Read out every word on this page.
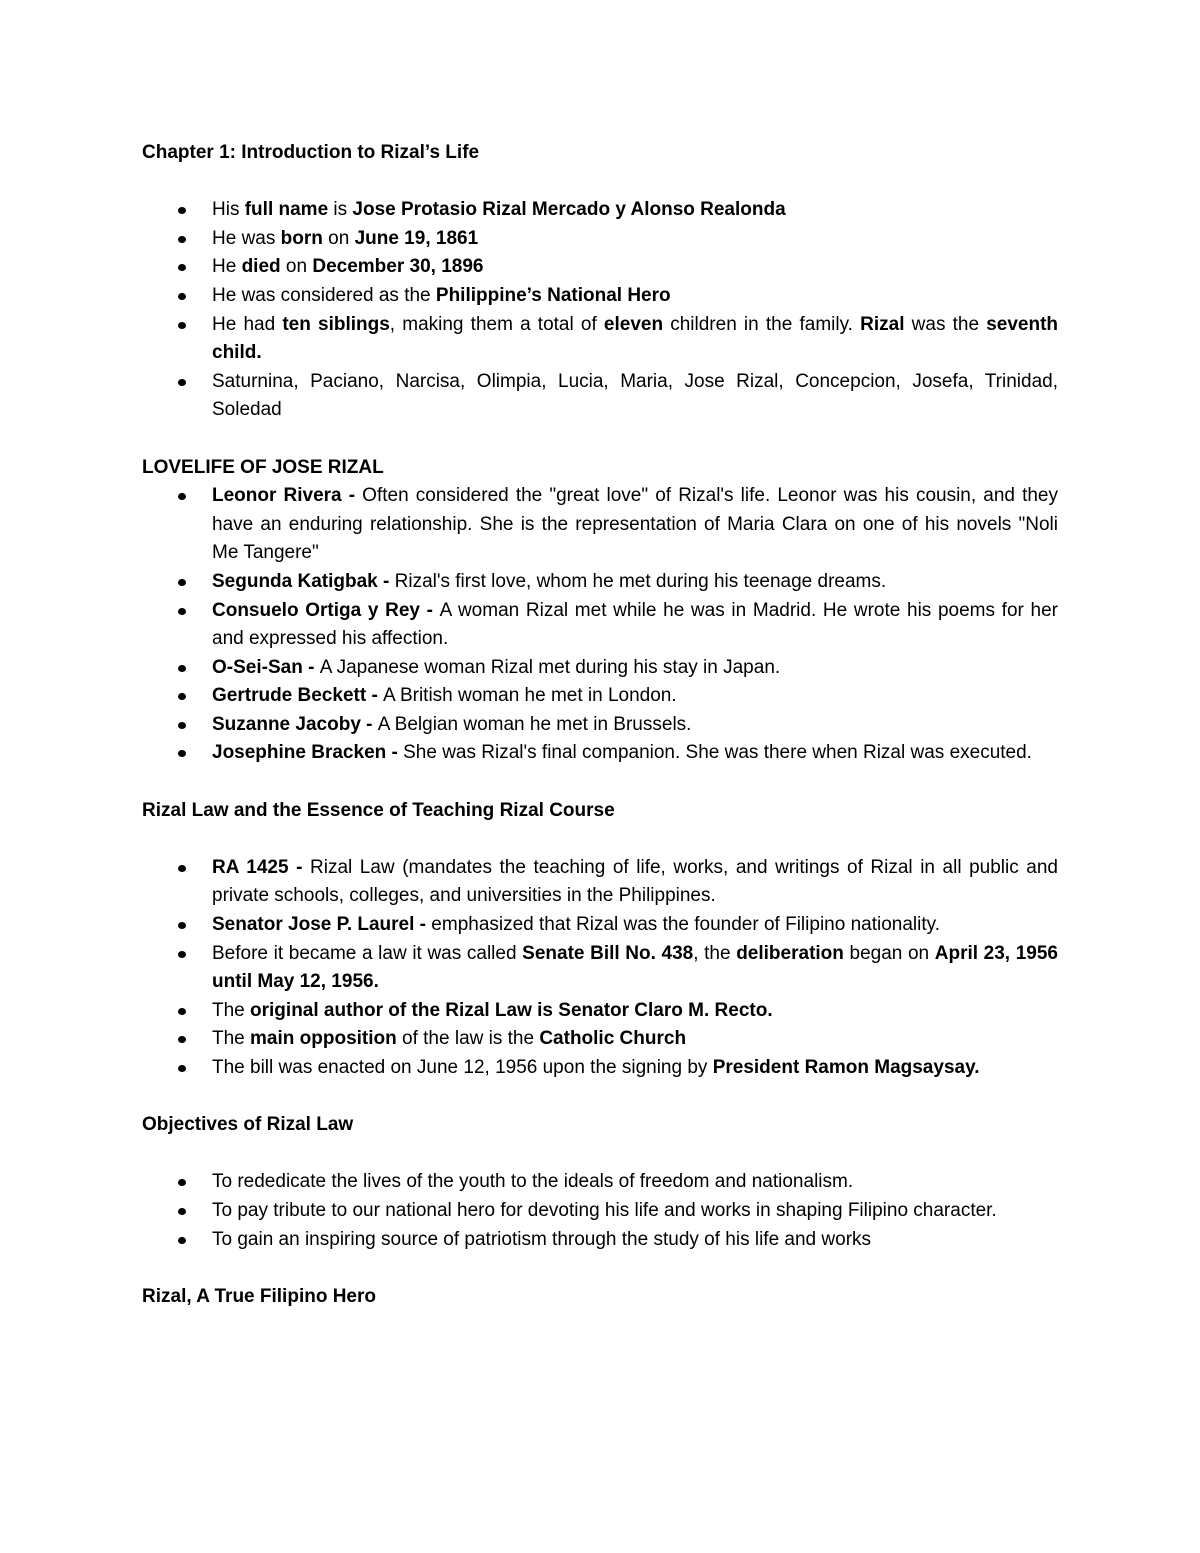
Chapter 1: Introduction to Rizal’s Life
His full name is Jose Protasio Rizal Mercado y Alonso Realonda
He was born on June 19, 1861
He died on December 30, 1896
He was considered as the Philippine’s National Hero
He had ten siblings, making them a total of eleven children in the family. Rizal was the seventh child.
Saturnina, Paciano, Narcisa, Olimpia, Lucia, Maria, Jose Rizal, Concepcion, Josefa, Trinidad, Soledad
LOVELIFE OF JOSE RIZAL
Leonor Rivera - Often considered the "great love" of Rizal's life. Leonor was his cousin, and they have an enduring relationship. She is the representation of Maria Clara on one of his novels "Noli Me Tangere"
Segunda Katigbak - Rizal's first love, whom he met during his teenage dreams.
Consuelo Ortiga y Rey - A woman Rizal met while he was in Madrid. He wrote his poems for her and expressed his affection.
O-Sei-San - A Japanese woman Rizal met during his stay in Japan.
Gertrude Beckett - A British woman he met in London.
Suzanne Jacoby - A Belgian woman he met in Brussels.
Josephine Bracken - She was Rizal's final companion. She was there when Rizal was executed.
Rizal Law and the Essence of Teaching Rizal Course
RA 1425 - Rizal Law (mandates the teaching of life, works, and writings of Rizal in all public and private schools, colleges, and universities in the Philippines.
Senator Jose P. Laurel - emphasized that Rizal was the founder of Filipino nationality.
Before it became a law it was called Senate Bill No. 438, the deliberation began on April 23, 1956 until May 12, 1956.
The original author of the Rizal Law is Senator Claro M. Recto.
The main opposition of the law is the Catholic Church
The bill was enacted on June 12, 1956 upon the signing by President Ramon Magsaysay.
Objectives of Rizal Law
To rededicate the lives of the youth to the ideals of freedom and nationalism.
To pay tribute to our national hero for devoting his life and works in shaping Filipino character.
To gain an inspiring source of patriotism through the study of his life and works
Rizal, A True Filipino Hero
